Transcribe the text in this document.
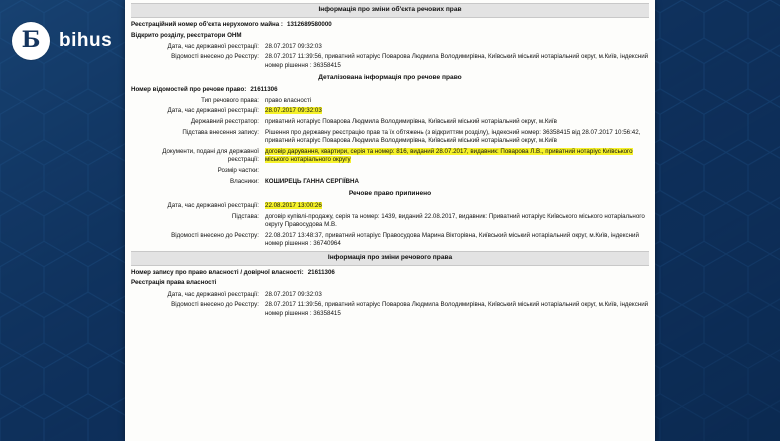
Б bihus
Інформація про зміни об'єкта речових прав
Реєстраційний номер об'єкта нерухомого майна : 1312689580000
Відкрито розділу, реєстратори ОНМ
Дата, час державної реєстрації: 28.07.2017 09:32:03
Відомості внесено до Реєстру: 28.07.2017 11:39:56, приватний нотаріус Поварова Людмила Володимирівна, Київський міський нотаріальний округ, м.Київ, індексний номер рішення : 36358415
Деталізована інформація про речове право
Номер відомостей про речове право: 21611306
Тип речового права: право власності
Дата, час державної реєстрації: 28.07.2017 09:32:03
Державний реєстратор: приватний нотаріус Поварова Людмила Володимирівна, Київський міський нотаріальний округ, м.Київ
Підстава внесення запису: Рішення про державну реєстрацію прав та їх обтяжень (з відкриттям розділу), індексний номер: 36358415 від 28.07.2017 10:56:42, приватний нотаріус Поварова Людмила Володимирівна, Київський міський нотаріальний округ, м.Київ
Документи, подані для державної реєстрації:
договір дарування, квартири, серія та номер: 816, виданий 28.07.2017, видавник: Поварова Л.В., приватний нотаріус Київського міського нотаріального округу
Розмір частки:
Власники: КОШИРЕЦЬ ГАННА СЕРГІЇВНА
Речове право припинено
Дата, час державної реєстрації: 22.08.2017 13:00:26
Підстава: договір купівлі-продажу, серія та номер: 1439, виданий 22.08.2017, видавник: Приватний нотаріус Київського міського нотаріального округу Правосудова М.В.
Відомості внесено до Реєстру: 22.08.2017 13:48:37, приватний нотаріус Правосудова Марина Вікторівна, Київський міський нотаріальний округ, м.Київ, індексний номер рішення : 36740964
Інформація про зміни речового права
Номер запису про право власності / довірчої власності: 21611306
Реєстрація права власності
Дата, час державної реєстрації: 28.07.2017 09:32:03
Відомості внесено до Реєстру: 28.07.2017 11:39:56, приватний нотаріус Поварова Людмила Володимирівна, Київський міський нотаріальний округ, м.Київ, індексний номер рішення : 36358415
